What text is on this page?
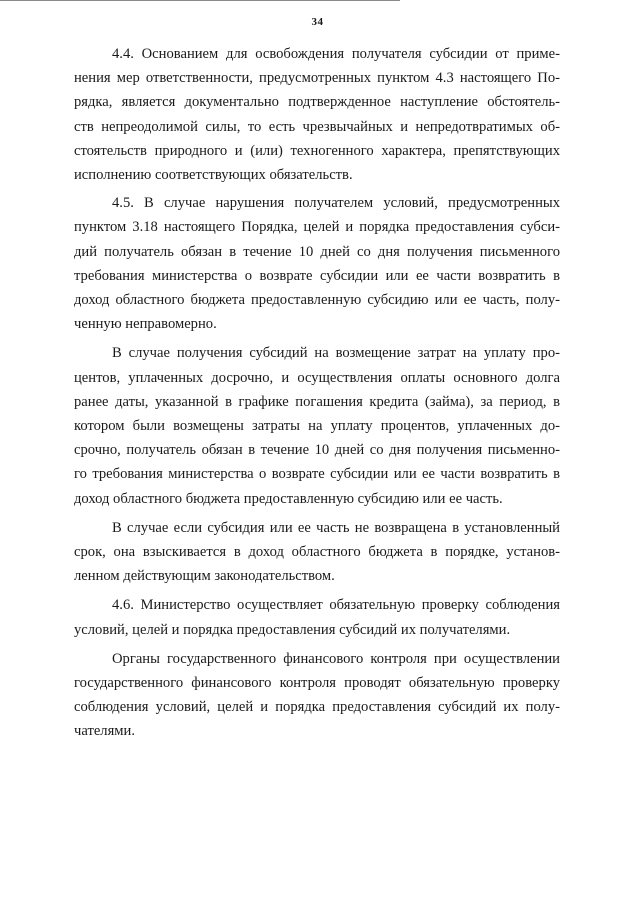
34
4.4. Основанием для освобождения получателя субсидии от приме-
нения мер ответственности, предусмотренных пунктом 4.3 настоящего По-
рядка, является документально подтвержденное наступление обстоятель-
ств непреодолимой силы, то есть чрезвычайных и непредотвратимых об-
стоятельств природного и (или) техногенного характера, препятствующих
исполнению соответствующих обязательств.
4.5. В случае нарушения получателем условий, предусмотренных
пунктом 3.18 настоящего Порядка, целей и порядка предоставления субси-
дий получатель обязан в течение 10 дней со дня получения письменного
требования министерства о возврате субсидии или ее части возвратить в
доход областного бюджета предоставленную субсидию или ее часть, полу-
ченную неправомерно.
В случае получения субсидий на возмещение затрат на уплату про-
центов, уплаченных досрочно, и осуществления оплаты основного долга
ранее даты, указанной в графике погашения кредита (займа), за период, в
котором были возмещены затраты на уплату процентов, уплаченных до-
срочно, получатель обязан в течение 10 дней со дня получения письменно-
го требования министерства о возврате субсидии или ее части возвратить в
доход областного бюджета предоставленную субсидию или ее часть.
В случае если субсидия или ее часть не возвращена в установленный
срок, она взыскивается в доход областного бюджета в порядке, установ-
ленном действующим законодательством.
4.6. Министерство осуществляет обязательную проверку соблюдения
условий, целей и порядка предоставления субсидий их получателями.
Органы государственного финансового контроля при осуществлении
государственного финансового контроля проводят обязательную проверку
соблюдения условий, целей и порядка предоставления субсидий их полу-
чателями.
